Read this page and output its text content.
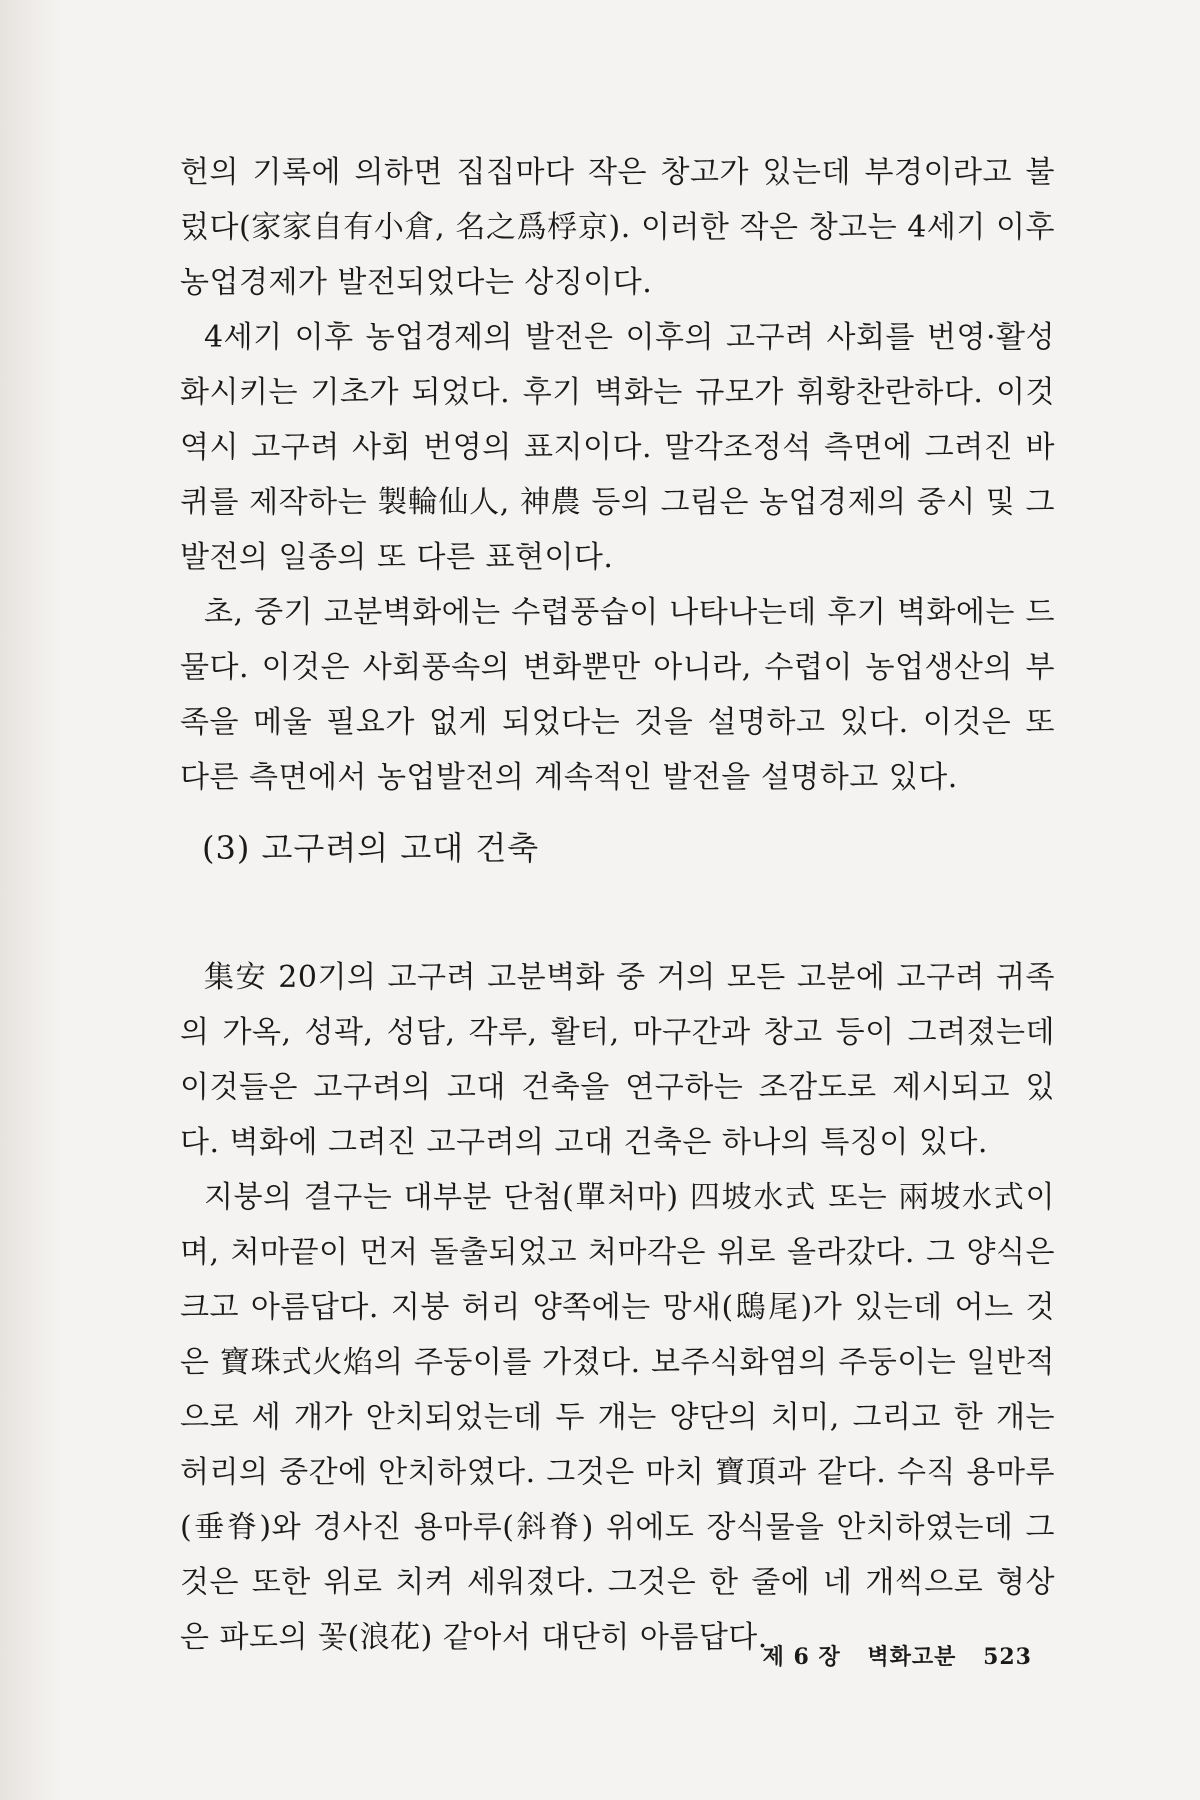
헌의 기록에 의하면 집집마다 작은 창고가 있는데 부경이라고 불렀다(家家自有小倉, 名之爲桴京). 이러한 작은 창고는 4세기 이후 농업경제가 발전되었다는 상징이다.

4세기 이후 농업경제의 발전은 이후의 고구려 사회를 번영·활성화시키는 기초가 되었다. 후기 벽화는 규모가 휘황찬란하다. 이것 역시 고구려 사회 번영의 표지이다. 말각조정석 측면에 그려진 바퀴를 제작하는 製輪仙人, 神農 등의 그림은 농업경제의 중시 및 그 발전의 일종의 또 다른 표현이다.

초, 중기 고분벽화에는 수렵풍습이 나타나는데 후기 벽화에는 드물다. 이것은 사회풍속의 변화뿐만 아니라, 수렵이 농업생산의 부족을 메울 필요가 없게 되었다는 것을 설명하고 있다. 이것은 또 다른 측면에서 농업발전의 계속적인 발전을 설명하고 있다.

(3) 고구려의 고대 건축

集安 20기의 고구려 고분벽화 중 거의 모든 고분에 고구려 귀족의 가옥, 성곽, 성담, 각루, 활터, 마구간과 창고 등이 그려졌는데 이것들은 고구려의 고대 건축을 연구하는 조감도로 제시되고 있다. 벽화에 그려진 고구려의 고대 건축은 하나의 특징이 있다.

지붕의 결구는 대부분 단첨(單처마) 四坡水式 또는 兩坡水式이며, 처마끝이 먼저 돌출되었고 처마각은 위로 올라갔다. 그 양식은 크고 아름답다. 지붕 허리 양쪽에는 망새(鴟尾)가 있는데 어느 것은 寶珠式火焰의 주둥이를 가졌다. 보주식화염의 주둥이는 일반적으로 세 개가 안치되었는데 두 개는 양단의 치미, 그리고 한 개는 허리의 중간에 안치하였다. 그것은 마치 寶頂과 같다. 수직 용마루(垂脊)와 경사진 용마루(斜脊) 위에도 장식물을 안치하였는데 그것은 또한 위로 치켜 세워졌다. 그것은 한 줄에 네 개씩으로 형상은 파도의 꽃(浪花) 같아서 대단히 아름답다.

제 6 장 벽화고분 523
